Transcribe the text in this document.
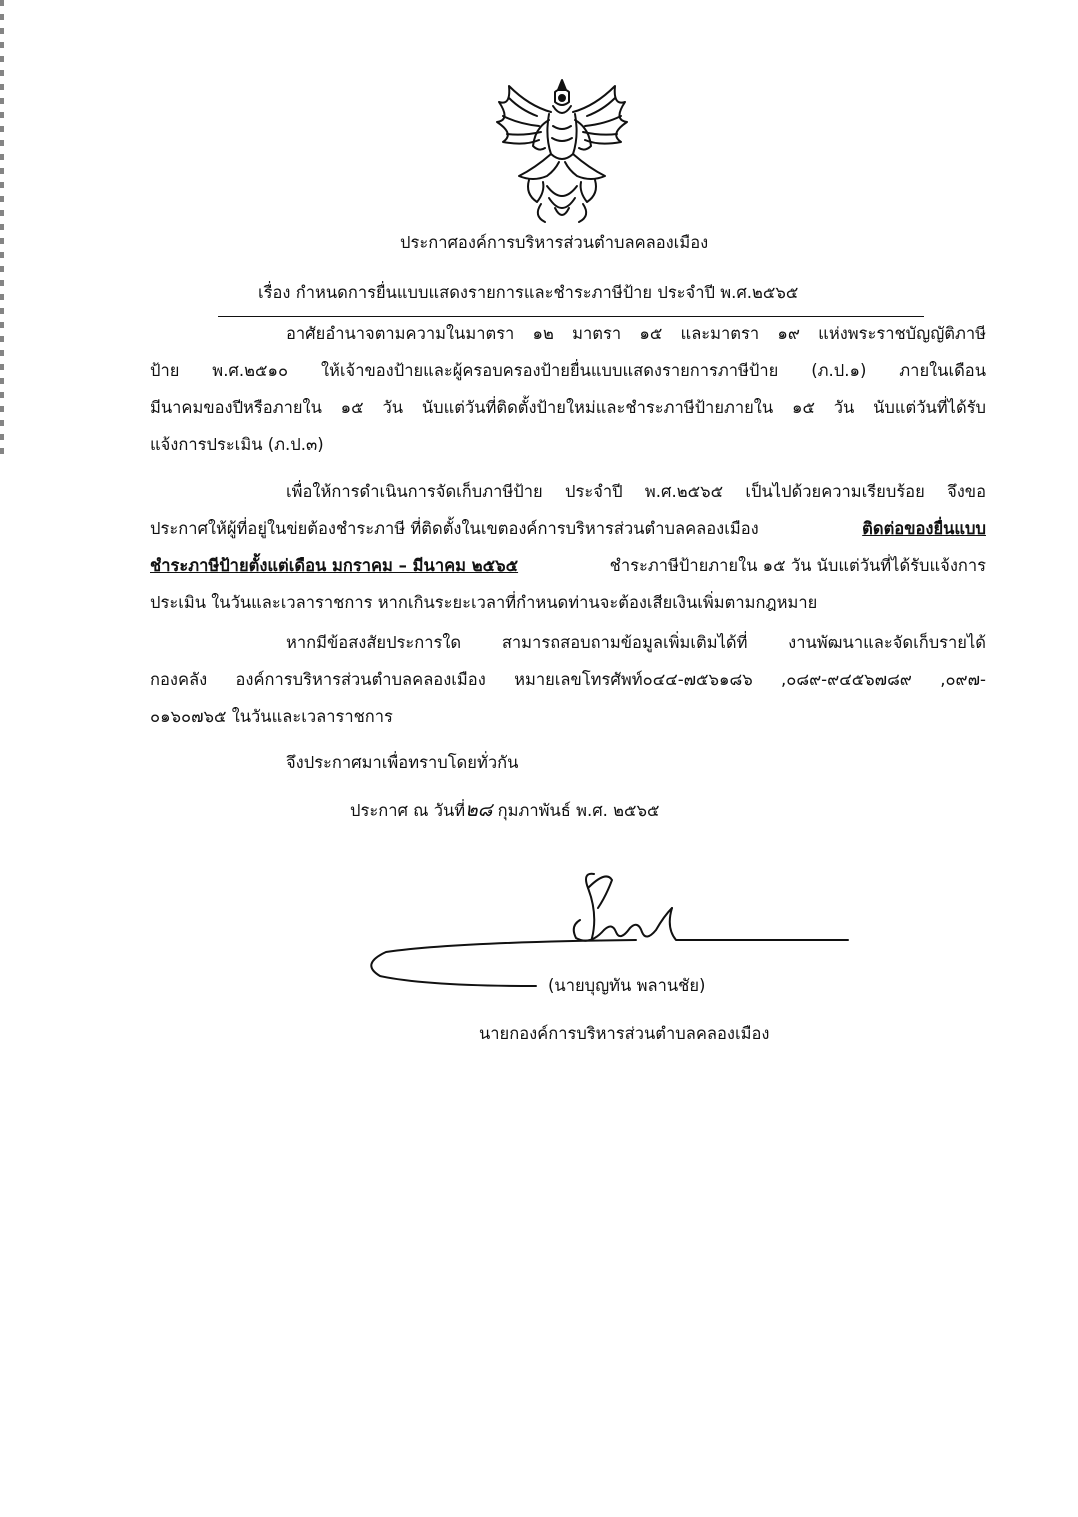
ประกาศองค์การบริหารส่วนตำบลคลองเมือง
เรื่อง กำหนดการยื่นแบบแสดงรายการและชำระภาษีป้าย ประจำปี พ.ศ.๒๕๖๕
อาศัยอำนาจตามความในมาตรา ๑๒ มาตรา ๑๕ และมาตรา ๑๙ แห่งพระราชบัญญัติภาษี
ป้าย พ.ศ.๒๕๑๐ ให้เจ้าของป้ายและผู้ครอบครองป้ายยื่นแบบแสดงรายการภาษีป้าย (ภ.ป.๑) ภายในเดือน
มีนาคมของปีหรือภายใน ๑๕ วัน นับแต่วันที่ติดตั้งป้ายใหม่และชำระภาษีป้ายภายใน ๑๕ วัน นับแต่วันที่ได้รับ
แจ้งการประเมิน (ภ.ป.๓)
เพื่อให้การดำเนินการจัดเก็บภาษีป้าย ประจำปี พ.ศ.๒๕๖๕ เป็นไปด้วยความเรียบร้อย จึงขอ
ประกาศให้ผู้ที่อยู่ในข่ยต้องชำระภาษี ที่ติดตั้งในเขตองค์การบริหารส่วนตำบลคลองเมือง	ติดต่อของยื่นแบบ
ชำระภาษีป้ายตั้งแต่เดือน มกราคม – มีนาคม ๒๕๖๕	ชำระภาษีป้ายภายใน ๑๕ วัน นับแต่วันที่ได้รับแจ้งการ
ประเมิน ในวันและเวลาราชการ หากเกินระยะเวลาที่กำหนดท่านจะต้องเสียเงินเพิ่มตามกฎหมาย
หากมีข้อสงสัยประการใด สามารถสอบถามข้อมูลเพิ่มเติมได้ที่ งานพัฒนาและจัดเก็บรายได้
กองคลัง องค์การบริหารส่วนตำบลคลองเมือง หมายเลขโทรศัพท์๐๔๔-๗๕๖๑๘๖ ,๐๘๙-๙๔๕๖๗๘๙ ,๐๙๗-
๐๑๖๐๗๖๕ ในวันและเวลาราชการ
จึงประกาศมาเพื่อทราบโดยทั่วกัน
ประกาศ ณ วันที่๒๘ กุมภาพันธ์ พ.ศ. ๒๕๖๕
(นายบุญทัน พลานชัย)
นายกองค์การบริหารส่วนตำบลคลองเมือง
